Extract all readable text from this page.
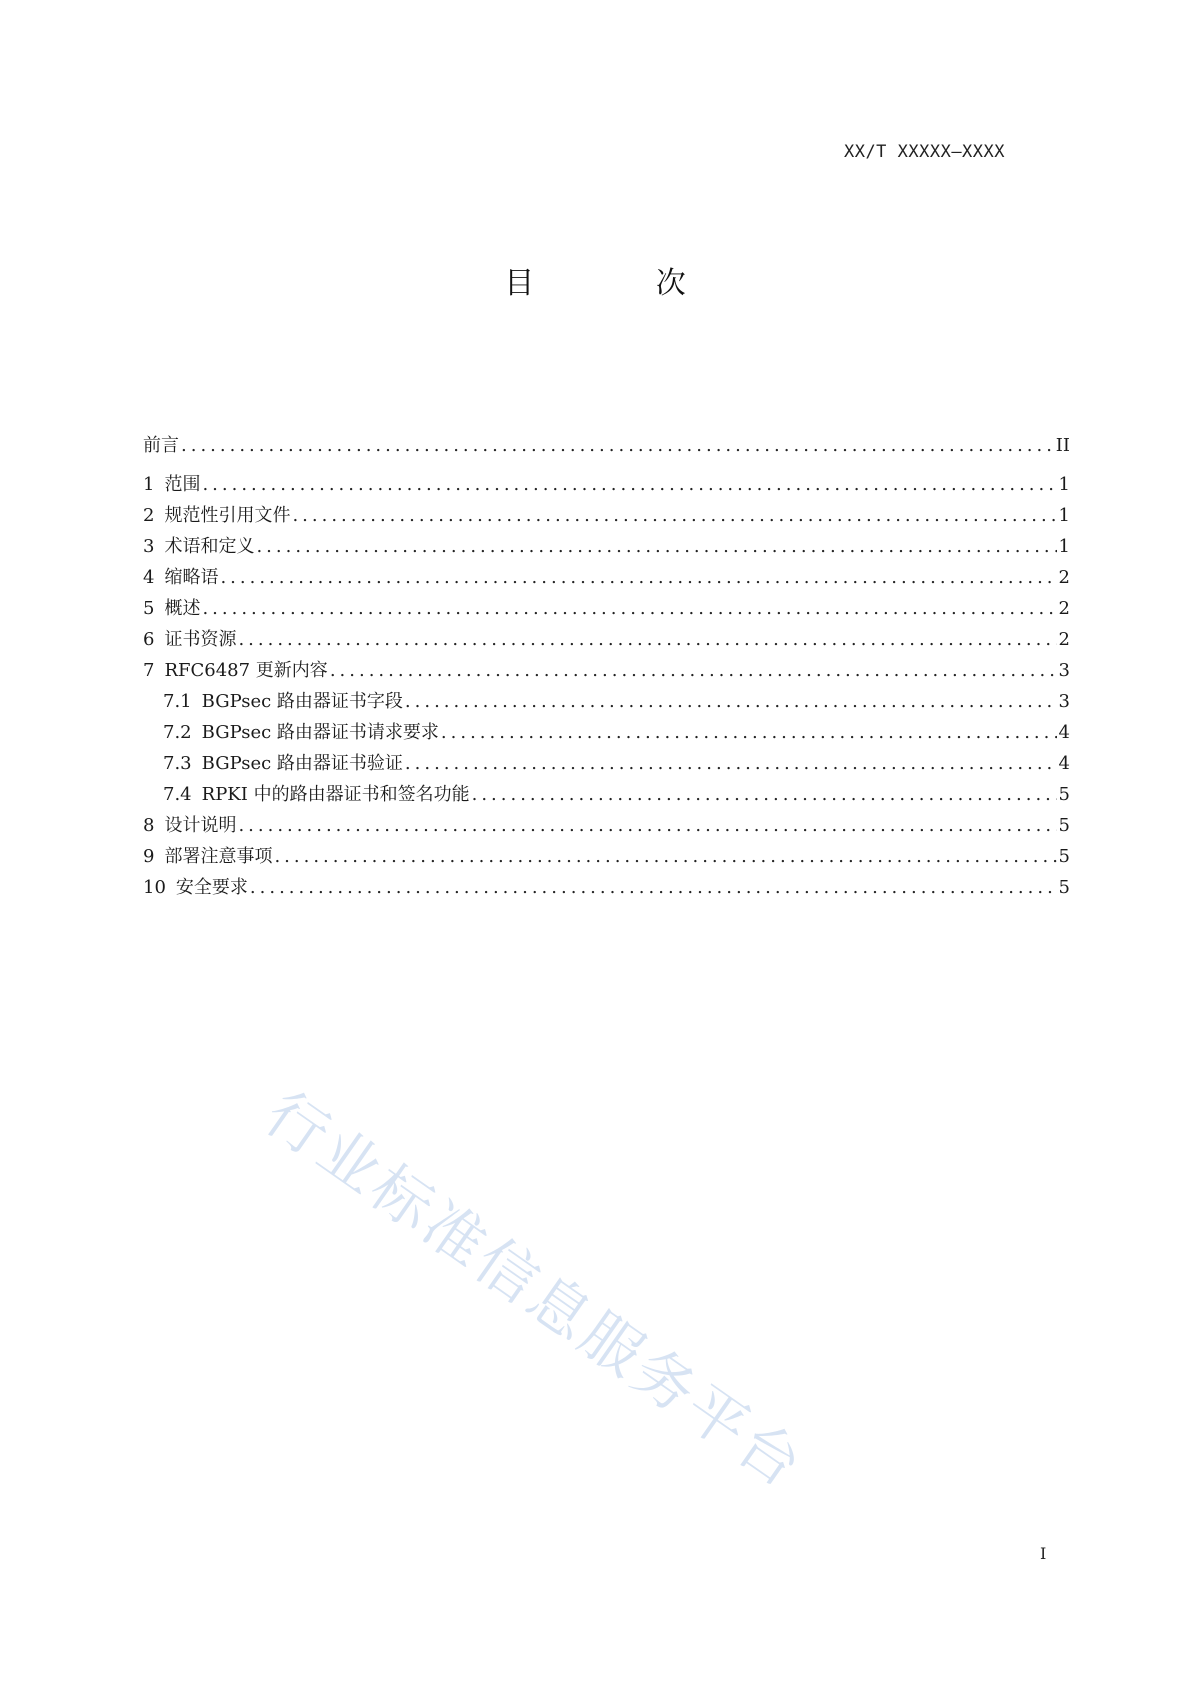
XX/T XXXXX—XXXX
目 次
前言 .....	II
1 范围 .....	1
2 规范性引用文件 .....	1
3 术语和定义 .....	1
4 缩略语 .....	2
5 概述 .....	2
6 证书资源 .....	2
7 RFC6487 更新内容 .....	3
7.1 BGPsec 路由器证书字段 .....	3
7.2 BGPsec 路由器证书请求要求 .....	4
7.3 BGPsec 路由器证书验证 .....	4
7.4 RPKI 中的路由器证书和签名功能 .....	5
8 设计说明 .....	5
9 部署注意事项 .....	5
10 安全要求 .....	5
行业标准信息服务平台
I
